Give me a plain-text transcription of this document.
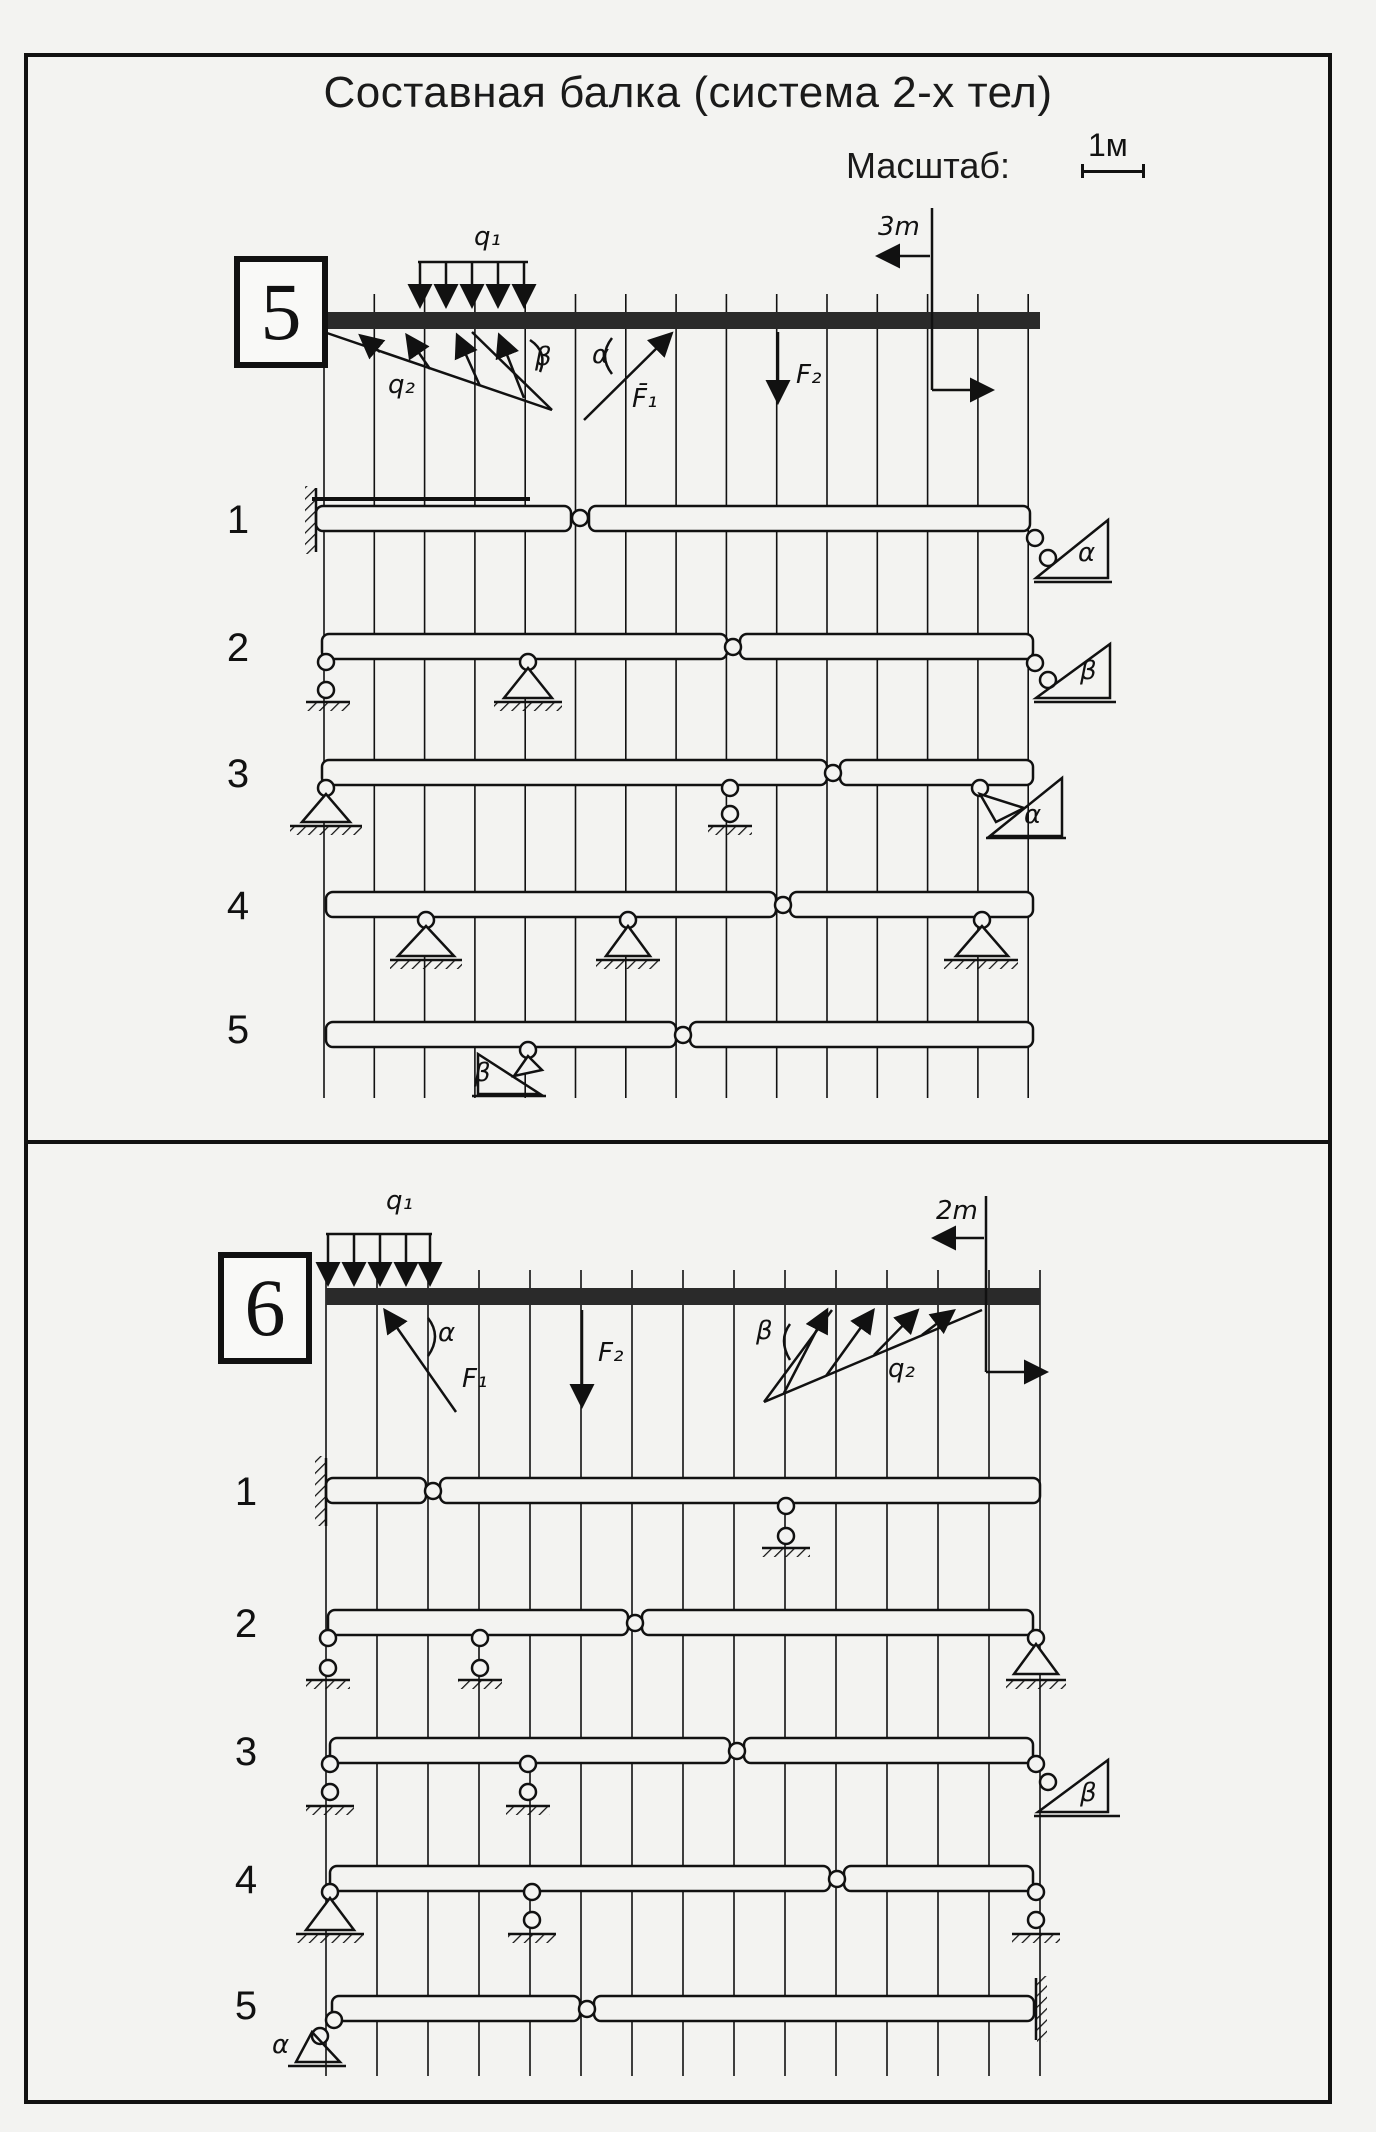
Составная балка (система 2-х тел)
Масштаб: 1м
5
q₁
q₂
β α
F̄₁
F₂
3m
α
β
α
β
1
2
3
4
5
6
q₁
α
F₁
F₂
β
q₂
2m
β
α
1
2
3
4
5
